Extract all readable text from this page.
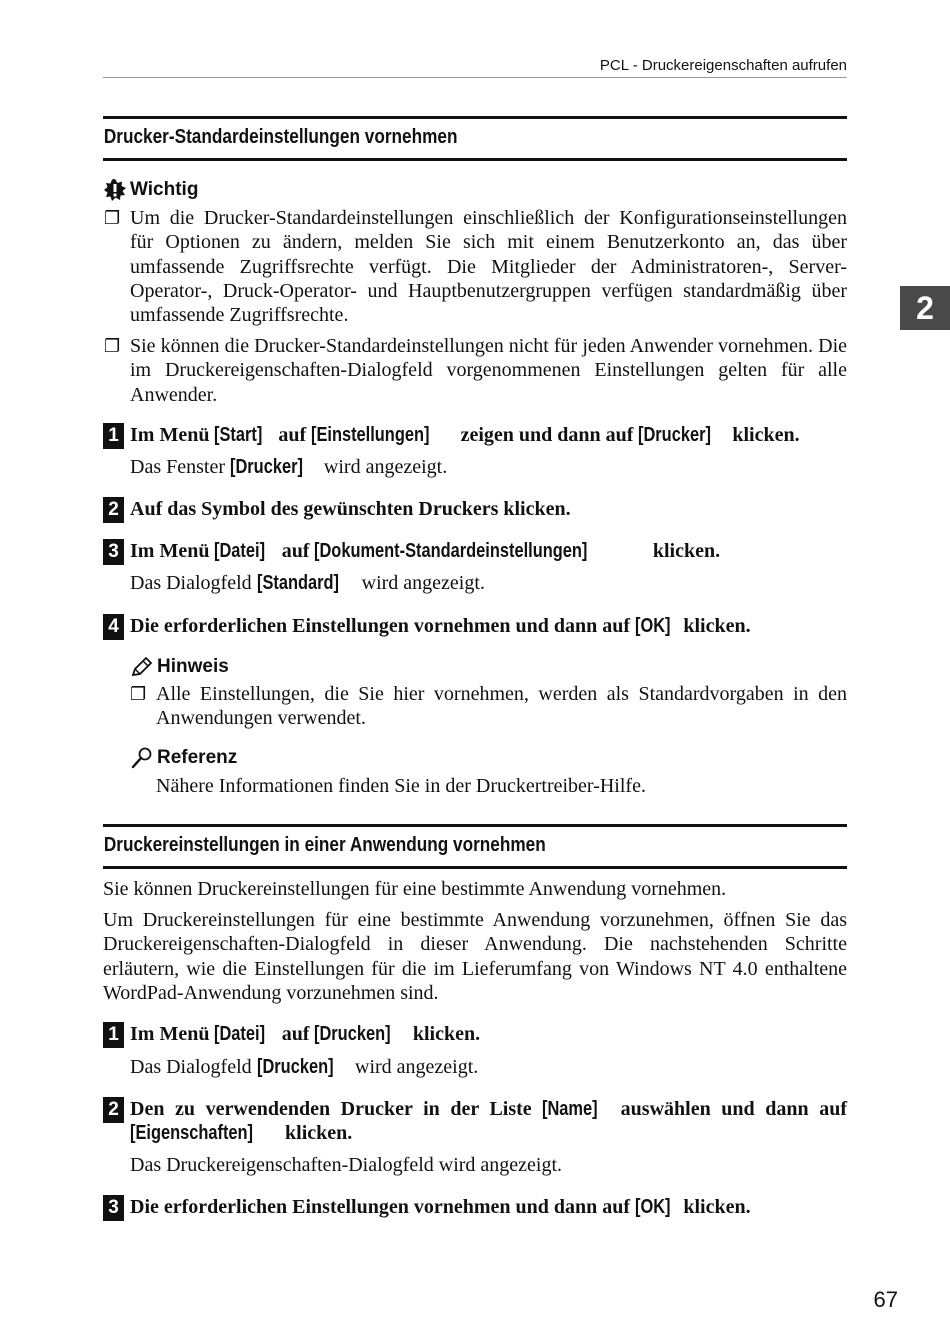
PCL - Druckereigenschaften aufrufen
2
Drucker-Standardeinstellungen vornehmen
Wichtig
❐ Um die Drucker-Standardeinstellungen einschließlich der Konfigurationseinstellungen für Optionen zu ändern, melden Sie sich mit einem Benutzerkonto an, das über umfassende Zugriffsrechte verfügt. Die Mitglieder der Administratoren-, Server-Operator-, Druck-Operator- und Hauptbenutzergruppen verfügen standardmäßig über umfassende Zugriffsrechte.

❐ Sie können die Drucker-Standardeinstellungen nicht für jeden Anwender vornehmen. Die im Druckereigenschaften-Dialogfeld vorgenommenen Einstellungen gelten für alle Anwender.

1 Im Menü [Start] auf [Einstellungen] zeigen und dann auf [Drucker] klicken.
Das Fenster [Drucker] wird angezeigt.
2 Auf das Symbol des gewünschten Druckers klicken.
3 Im Menü [Datei] auf [Dokument-Standardeinstellungen]	klicken.
Das Dialogfeld [Standard] wird angezeigt.
4 Die erforderlichen Einstellungen vornehmen und dann auf [OK] klicken.
Hinweis
❐ Alle Einstellungen, die Sie hier vornehmen, werden als Standardvorgaben in den Anwendungen verwendet.

Referenz
Nähere Informationen finden Sie in der Druckertreiber-Hilfe.
Druckereinstellungen in einer Anwendung vornehmen

Sie können Druckereinstellungen für eine bestimmte Anwendung vornehmen.

Um Druckereinstellungen für eine bestimmte Anwendung vorzunehmen, öffnen Sie das Druckereigenschaften-Dialogfeld in dieser Anwendung. Die nachstehenden Schritte erläutern, wie die Einstellungen für die im Lieferumfang von Windows NT 4.0 enthaltene WordPad-Anwendung vorzunehmen sind.

1 Im Menü [Datei] auf [Drucken] klicken.
Das Dialogfeld [Drucken] wird angezeigt.
2 Den zu verwendenden Drucker in der Liste [Name] auswählen und dann auf [Eigenschaften] klicken.
Das Druckereigenschaften-Dialogfeld wird angezeigt.
3 Die erforderlichen Einstellungen vornehmen und dann auf [OK] klicken.
67
